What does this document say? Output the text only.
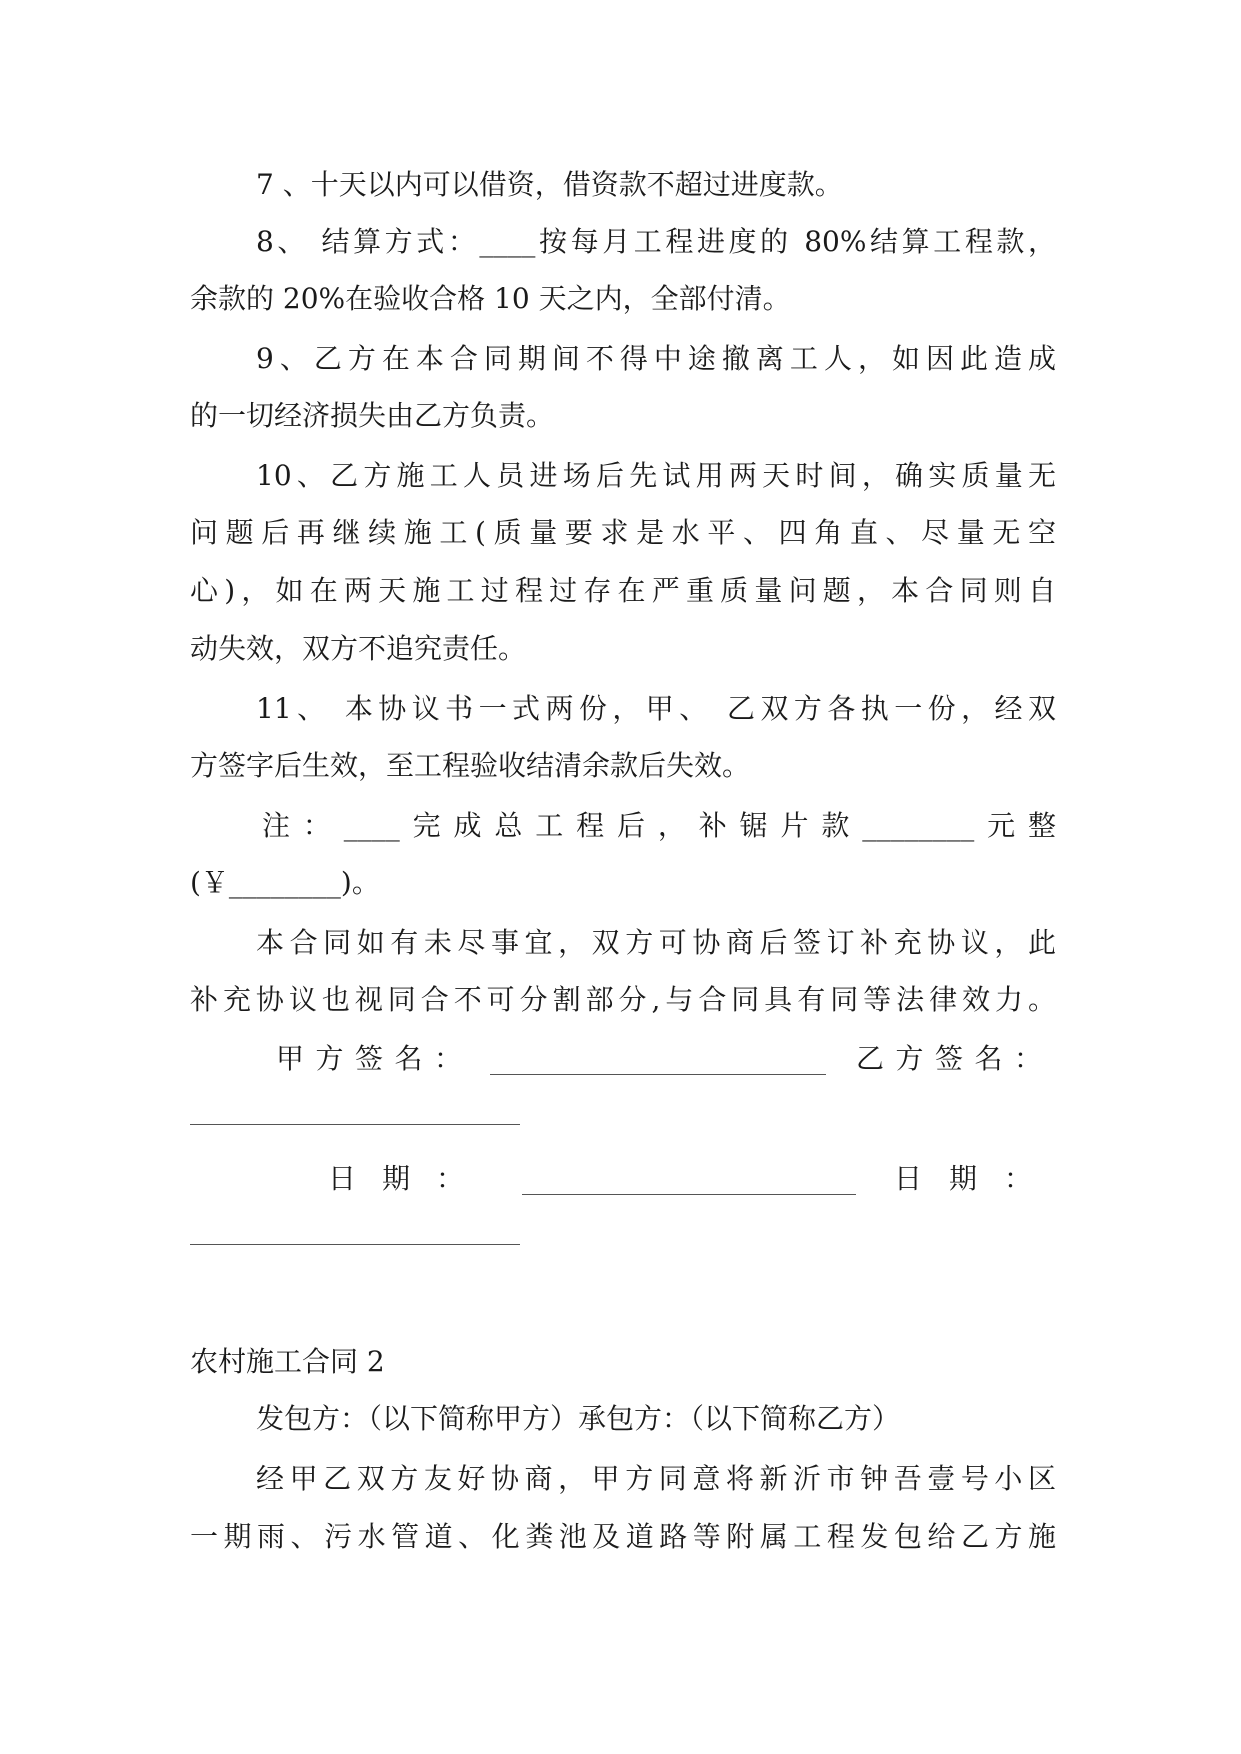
7 、十天以内可以借资，借资款不超过进度款。
8、 结算方式：____按每月工程进度的 80%结算工程款，
余款的 20%在验收合格 10 天之内，全部付清。
9、乙方在本合同期间不得中途撤离工人，如因此造成
的一切经济损失由乙方负责。
10、乙方施工人员进场后先试用两天时间，确实质量无
问题后再继续施工(质量要求是水平、四角直、尽量无空
心)，如在两天施工过程过存在严重质量问题，本合同则自
动失效，双方不追究责任。
11、 本协议书一式两份，甲、 乙双方各执一份，经双
方签字后生效，至工程验收结清余款后失效。
注：____完成总工程后，补锯片款________元整
(￥________)。
本合同如有未尽事宜，双方可协商后签订补充协议，此
补充协议也视同合不可分割部分,与合同具有同等法律效力。
甲方签名：	乙方签名：
日期：	日期：
农村施工合同 2
发包方：（以下简称甲方）承包方：（以下简称乙方）
经甲乙双方友好协商，甲方同意将新沂市钟吾壹号小区
一期雨、污水管道、化粪池及道路等附属工程发包给乙方施
